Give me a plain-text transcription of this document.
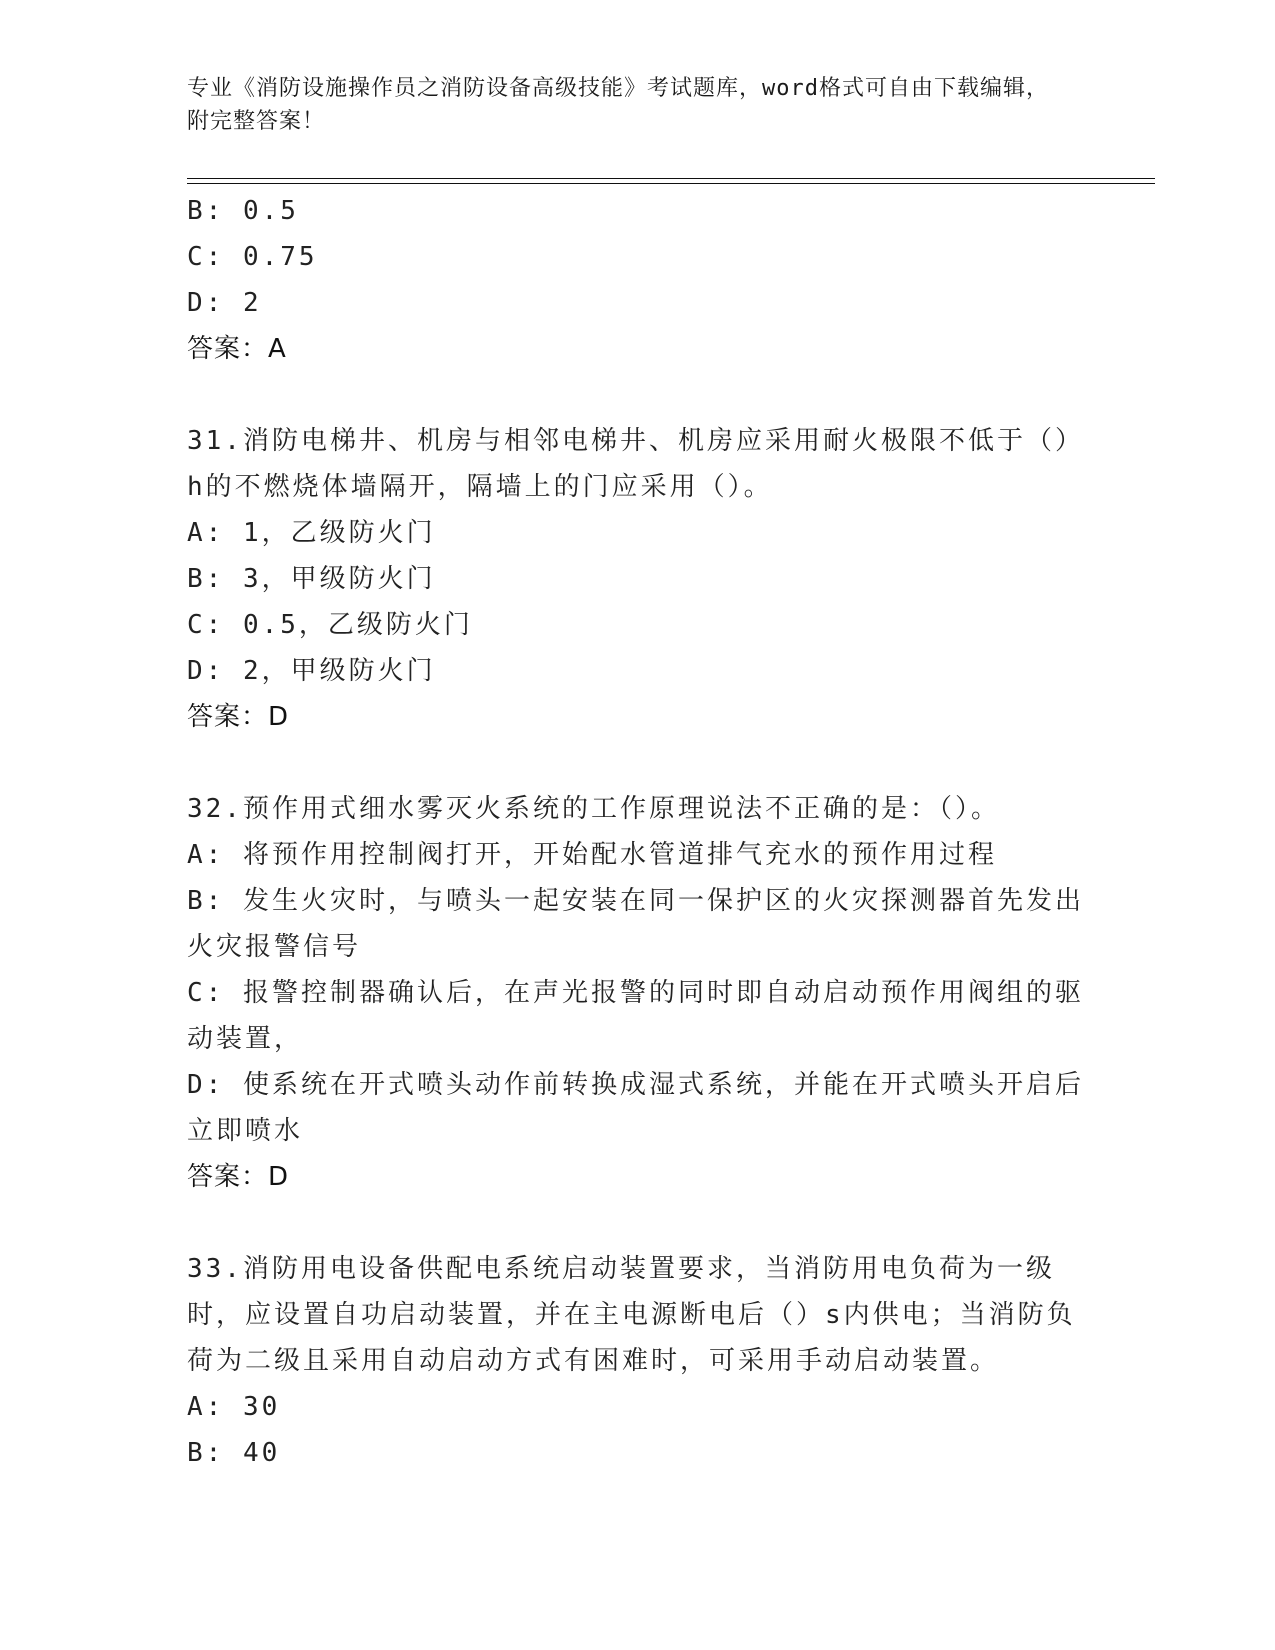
专业《消防设施操作员之消防设备高级技能》考试题库，word格式可自由下载编辑，附完整答案！
B: 0.5
C: 0.75
D: 2
答案：A
31.消防电梯井、机房与相邻电梯井、机房应采用耐火极限不低于（）h的不燃烧体墙隔开，隔墙上的门应采用（）。
A: 1，乙级防火门
B: 3，甲级防火门
C: 0.5，乙级防火门
D: 2，甲级防火门
答案：D
32.预作用式细水雾灭火系统的工作原理说法不正确的是：（）。
A: 将预作用控制阀打开，开始配水管道排气充水的预作用过程
B: 发生火灾时，与喷头一起安装在同一保护区的火灾探测器首先发出火灾报警信号
C: 报警控制器确认后，在声光报警的同时即自动启动预作用阀组的驱动装置，
D: 使系统在开式喷头动作前转换成湿式系统，并能在开式喷头开启后立即喷水
答案：D
33.消防用电设备供配电系统启动装置要求，当消防用电负荷为一级时，应设置自功启动装置，并在主电源断电后（）s内供电；当消防负荷为二级且采用自动启动方式有困难时，可采用手动启动装置。
A: 30
B: 40
